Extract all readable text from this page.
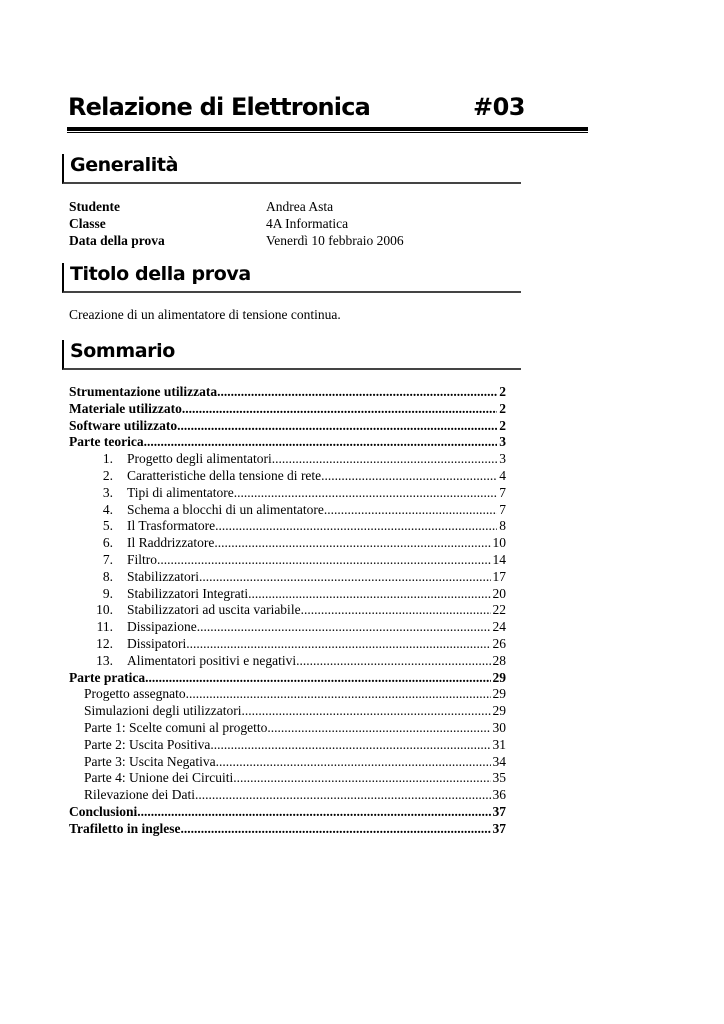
Relazione di Elettronica	#03
Generalità
Studente	Andrea Asta
Classe	4A Informatica
Data della prova	Venerdì 10 febbraio 2006
Titolo della prova
Creazione di un alimentatore di tensione continua.
Sommario
Strumentazione utilizzata .....	2
Materiale utilizzato .....	2
Software utilizzato .....	2
Parte teorica .....	3
1.	Progetto degli alimentatori .....	3
2.	Caratteristiche della tensione di rete .....	4
3.	Tipi di alimentatore .....	7
4.	Schema a blocchi di un alimentatore .....	7
5.	Il Trasformatore .....	8
6.	Il Raddrizzatore .....	10
7.	Filtro .....	14
8.	Stabilizzatori .....	17
9.	Stabilizzatori Integrati .....	20
10.	Stabilizzatori ad uscita variabile .....	22
11.	Dissipazione .....	24
12.	Dissipatori .....	26
13.	Alimentatori positivi e negativi .....	28
Parte pratica .....	29
Progetto assegnato .....	29
Simulazioni degli utilizzatori .....	29
Parte 1: Scelte comuni al progetto .....	30
Parte 2: Uscita Positiva .....	31
Parte 3: Uscita Negativa .....	34
Parte 4: Unione dei Circuiti .....	35
Rilevazione dei Dati .....	36
Conclusioni .....	37
Trafiletto in inglese .....	37
